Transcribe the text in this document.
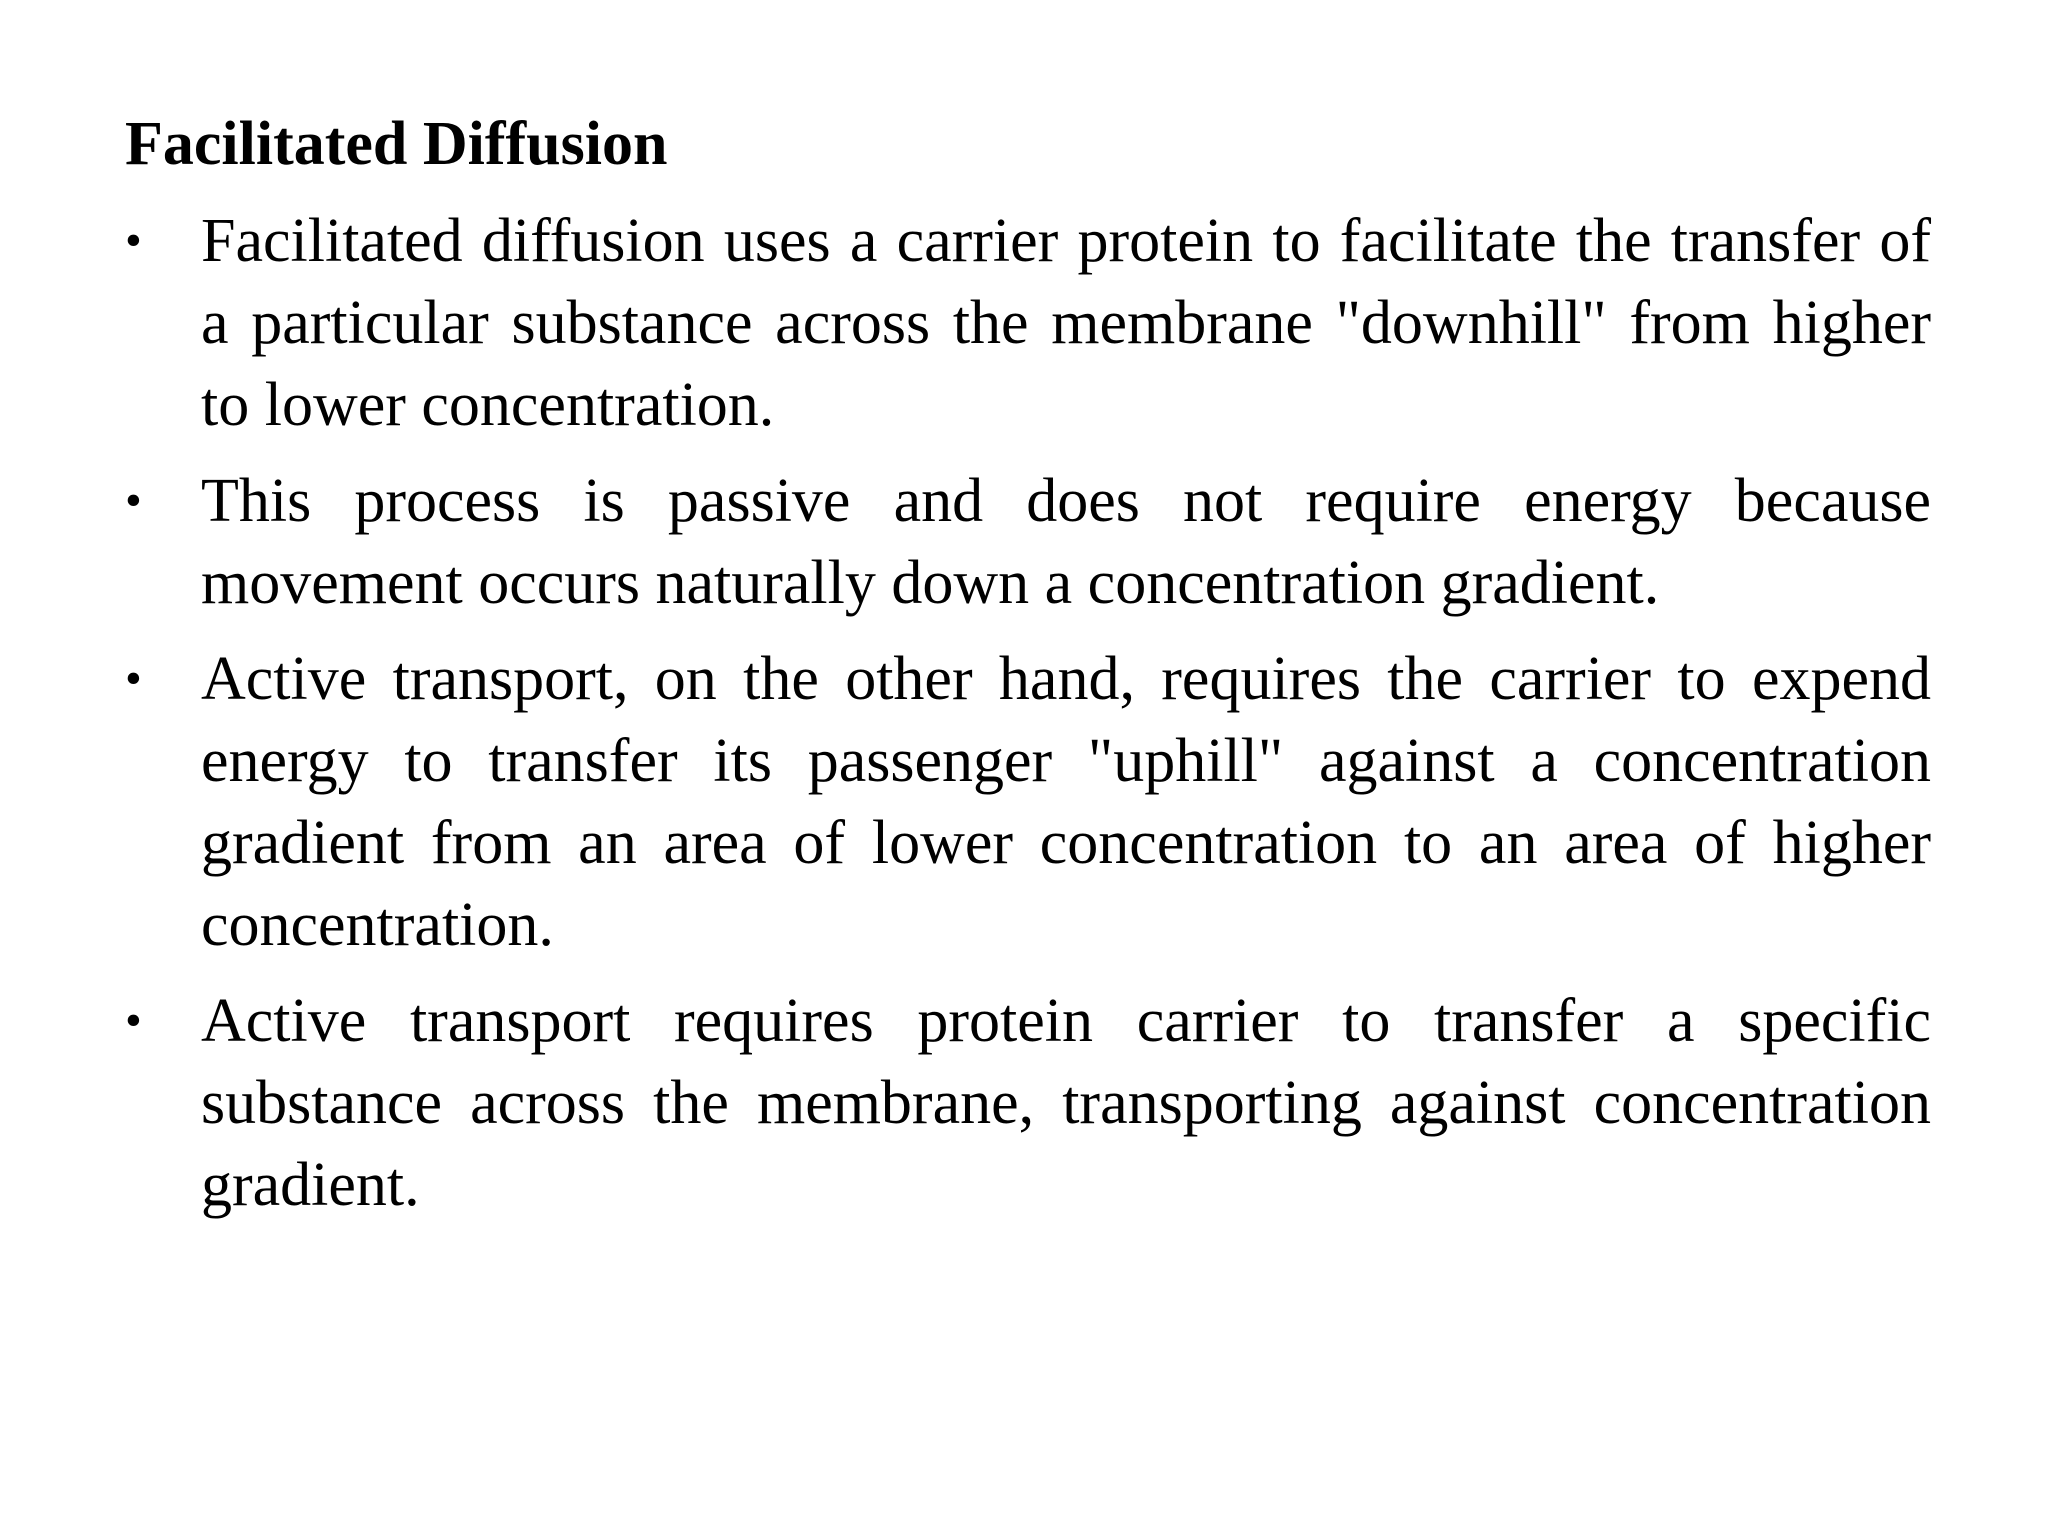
Facilitated Diffusion
• Facilitated diffusion uses a carrier protein to facilitate the transfer of a particular substance across the membrane "downhill" from higher to lower concentration.
• This process is passive and does not require energy because movement occurs naturally down a concentration gradient.
• Active transport, on the other hand, requires the carrier to expend energy to transfer its passenger "uphill" against a concentration gradient from an area of lower concentration to an area of higher concentration.
• Active transport requires protein carrier to transfer a specific substance across the membrane, transporting against concentration gradient.
